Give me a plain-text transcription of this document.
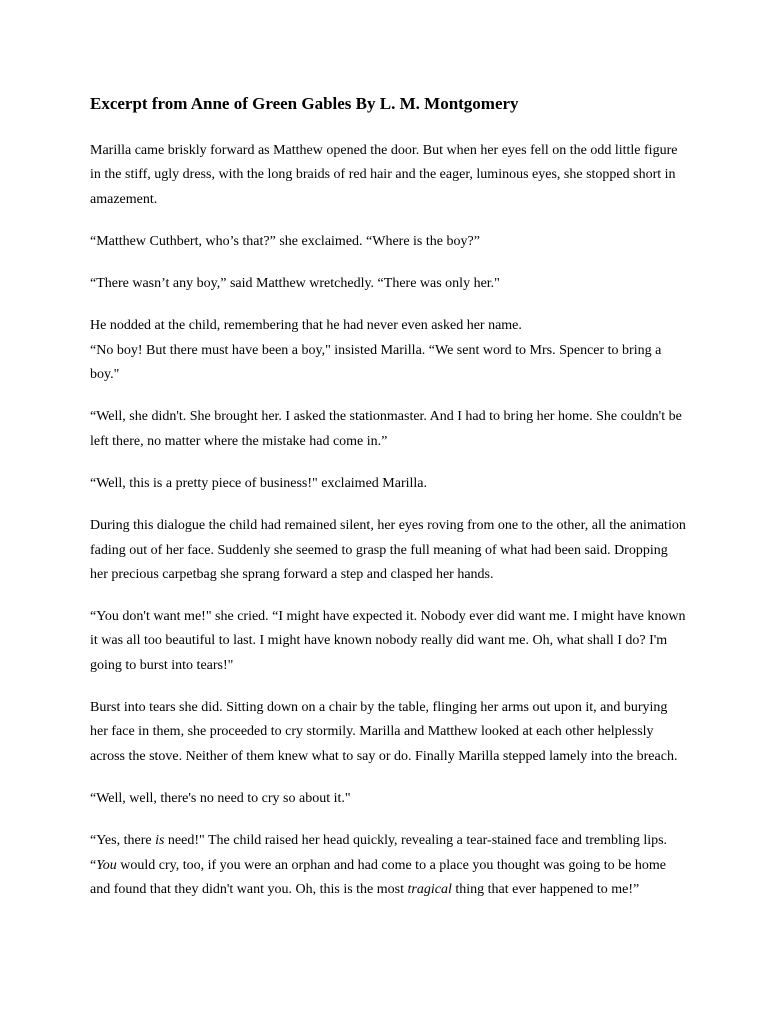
Excerpt from Anne of Green Gables By L. M. Montgomery

Marilla came briskly forward as Matthew opened the door. But when her eyes fell on the odd little figure in the stiff, ugly dress, with the long braids of red hair and the eager, luminous eyes, she stopped short in amazement.

“Matthew Cuthbert, who’s that?” she exclaimed. “Where is the boy?”

“There wasn’t any boy,” said Matthew wretchedly. “There was only her."

He nodded at the child, remembering that he had never even asked her name.

“No boy! But there must have been a boy," insisted Marilla. “We sent word to Mrs. Spencer to bring a boy."

“Well, she didn't. She brought her. I asked the stationmaster. And I had to bring her home. She couldn't be left there, no matter where the mistake had come in.”

“Well, this is a pretty piece of business!" exclaimed Marilla.

During this dialogue the child had remained silent, her eyes roving from one to the other, all the animation fading out of her face. Suddenly she seemed to grasp the full meaning of what had been said. Dropping her precious carpetbag she sprang forward a step and clasped her hands.

“You don't want me!" she cried. “I might have expected it. Nobody ever did want me. I might have known it was all too beautiful to last. I might have known nobody really did want me. Oh, what shall I do? I'm going to burst into tears!"

Burst into tears she did. Sitting down on a chair by the table, flinging her arms out upon it, and burying her face in them, she proceeded to cry stormily. Marilla and Matthew looked at each other helplessly across the stove. Neither of them knew what to say or do. Finally Marilla stepped lamely into the breach.

“Well, well, there's no need to cry so about it."

“Yes, there is need!" The child raised her head quickly, revealing a tear-stained face and trembling lips.
“You would cry, too, if you were an orphan and had come to a place you thought was going to be home and found that they didn't want you. Oh, this is the most tragical thing that ever happened to me!”
